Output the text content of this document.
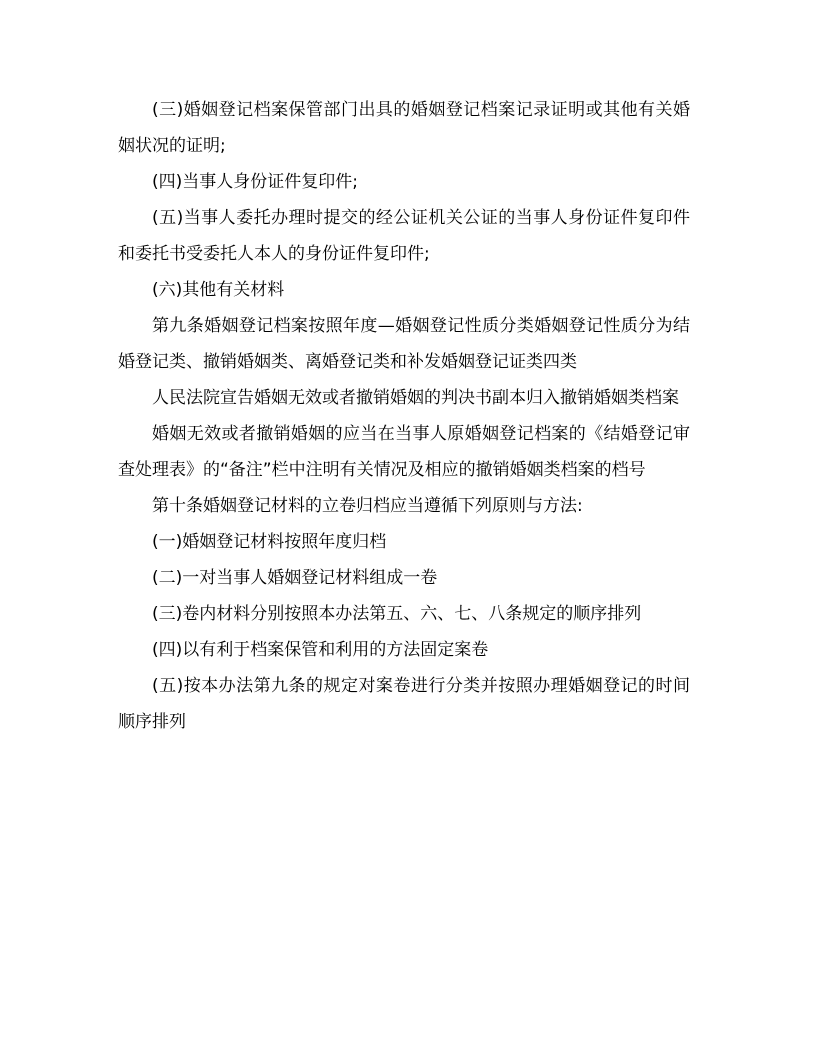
(三)婚姻登记档案保管部门出具的婚姻登记档案记录证明或其他有关婚姻状况的证明;

(四)当事人身份证件复印件;

(五)当事人委托办理时提交的经公证机关公证的当事人身份证件复印件和委托书受委托人本人的身份证件复印件;

(六)其他有关材料

第九条婚姻登记档案按照年度—婚姻登记性质分类婚姻登记性质分为结婚登记类、撤销婚姻类、离婚登记类和补发婚姻登记证类四类

人民法院宣告婚姻无效或者撤销婚姻的判决书副本归入撤销婚姻类档案

婚姻无效或者撤销婚姻的应当在当事人原婚姻登记档案的《结婚登记审查处理表》的“备注”栏中注明有关情况及相应的撤销婚姻类档案的档号

第十条婚姻登记材料的立卷归档应当遵循下列原则与方法:

(一)婚姻登记材料按照年度归档

(二)一对当事人婚姻登记材料组成一卷

(三)卷内材料分别按照本办法第五、六、七、八条规定的顺序排列

(四)以有利于档案保管和利用的方法固定案卷

(五)按本办法第九条的规定对案卷进行分类并按照办理婚姻登记的时间顺序排列
